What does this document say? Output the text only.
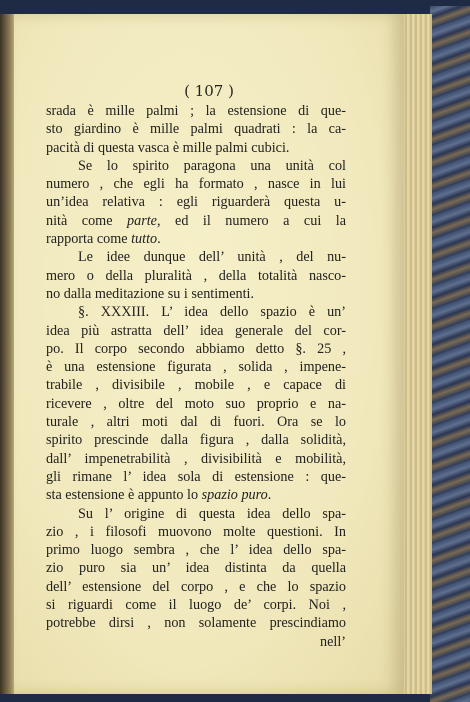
( 107 )
srada è mille palmi ; la estensione di que-
sto giardino è mille palmi quadrati : la ca-
pacità di questa vasca è mille palmi cubici.
Se lo spirito paragona una unità col
numero , che egli ha formato , nasce in lui
un’idea relativa : egli riguarderà questa u-
nità come parte, ed il numero a cui la
rapporta come tutto.
Le idee dunque dell’ unità , del nu-
mero o della pluralità , della totalità nasco-
no dalla meditazione su i sentimenti.
§. XXXIII. L’ idea dello spazio è un’
idea più astratta dell’ idea generale del cor-
po. Il corpo secondo abbiamo detto §. 25 ,
è una estensione figurata , solida , impene-
trabile , divisibile , mobile , e capace di
ricevere , oltre del moto suo proprio e na-
turale , altri moti dal di fuori. Ora se lo
spirito prescinde dalla figura , dalla solidità,
dall’ impenetrabilità , divisibilità e mobilità,
gli rimane l’ idea sola di estensione : que-
sta estensione è appunto lo spazio puro.
Su l’ origine di questa idea dello spa-
zio , i filosofi muovono molte questioni. In
primo luogo sembra , che l’ idea dello spa-
zio puro sia un’ idea distinta da quella
dell’ estensione del corpo , e che lo spazio
si riguardi come il luogo de’ corpi. Noi ,
potrebbe dirsi , non solamente prescindiamo
nell’
